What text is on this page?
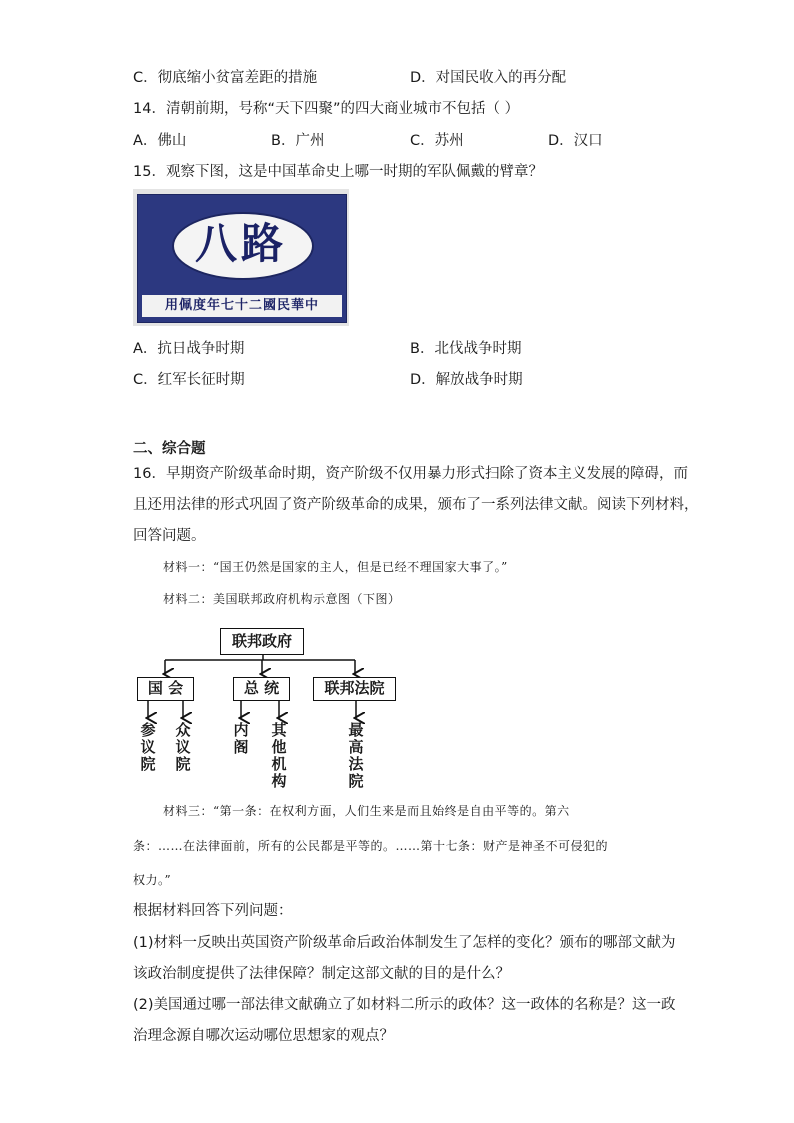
C．彻底缩小贫富差距的措施	D．对国民收入的再分配
14．清朝前期，号称“天下四聚”的四大商业城市不包括（ ）
A．佛山	B．广州	C．苏州	D．汉口
15．观察下图，这是中国革命史上哪一时期的军队佩戴的臂章？
八路
中華民國二十七年度佩用
A．抗日战争时期	B．北伐战争时期
C．红军长征时期	D．解放战争时期
二、综合题
16．早期资产阶级革命时期，资产阶级不仅用暴力形式扫除了资本主义发展的障碍，而
且还用法律的形式巩固了资产阶级革命的成果，颁布了一系列法律文献。阅读下列材料，
回答问题。
材料一：“国王仍然是国家的主人，但是已经不理国家大事了。”
材料二：美国联邦政府机构示意图（下图）
联邦政府
国 会	总 统	联邦法院
参议院
众议院
内阁
其他机构
最高法院
材料三：“第一条：在权利方面，人们生来是而且始终是自由平等的。第六
条：……在法律面前，所有的公民都是平等的。……第十七条：财产是神圣不可侵犯的
权力。”
根据材料回答下列问题：
(1)材料一反映出英国资产阶级革命后政治体制发生了怎样的变化？颁布的哪部文献为
该政治制度提供了法律保障？制定这部文献的目的是什么？
(2)美国通过哪一部法律文献确立了如材料二所示的政体？这一政体的名称是？这一政
治理念源自哪次运动哪位思想家的观点？
